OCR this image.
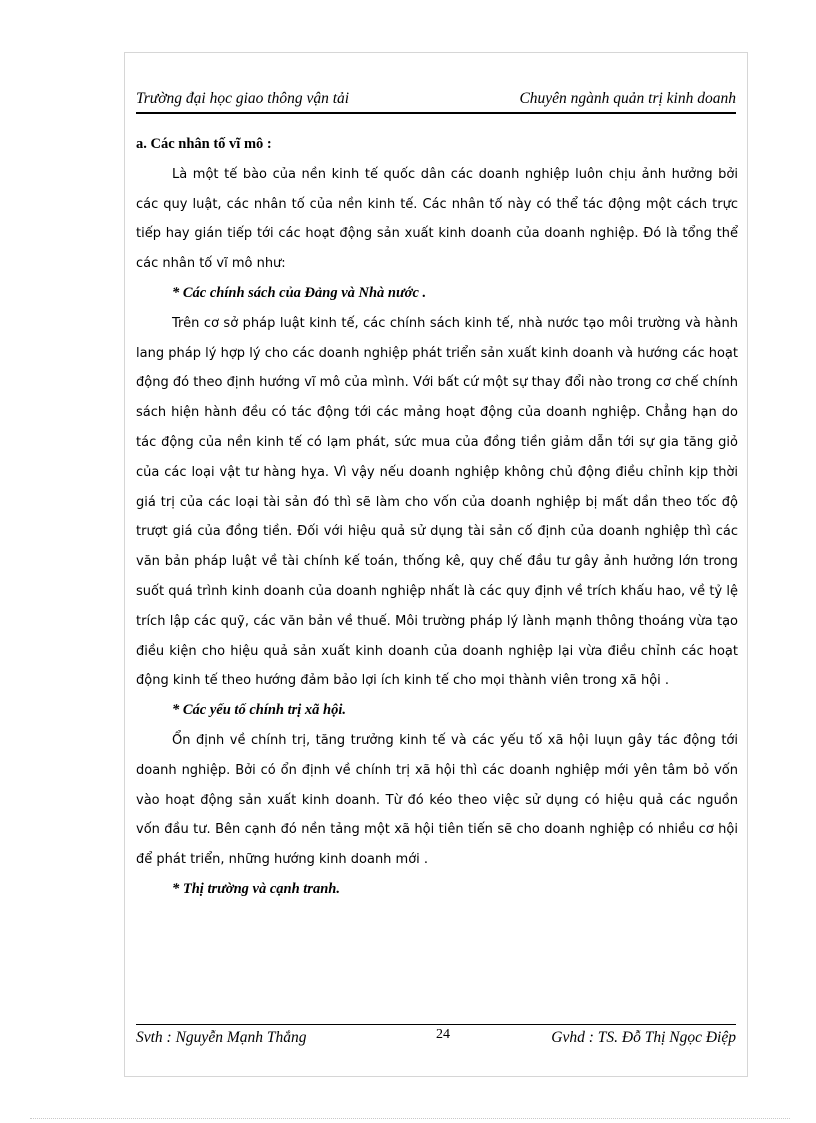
Trường đại học giao thông vận tải	Chuyên ngành quản trị kinh doanh

a. Các nhân tố vĩ mô :

Là một tế bào của nền kinh tế quốc dân các doanh nghiệp luôn chịu ảnh hưởng bởi các quy luật, các nhân tố của nền kinh tế. Các nhân tố này có thể tác động một cách trực tiếp hay gián tiếp tới các hoạt động sản xuất kinh doanh của doanh nghiệp. Đó là tổng thể các nhân tố vĩ mô như:

* Các chính sách của Đảng và Nhà nước .

Trên cơ sở pháp luật kinh tế, các chính sách kinh tế, nhà nước tạo môi trường và hành lang pháp lý hợp lý cho các doanh nghiệp phát triển sản xuất kinh doanh và hướng các hoạt động đó theo định hướng vĩ mô của mình. Với bất cứ một sự thay đổi nào trong cơ chế chính sách hiện hành đều có tác động tới các mảng hoạt động của doanh nghiệp. Chẳng hạn do tác động của nền kinh tế có lạm phát, sức mua của đồng tiền giảm dẫn tới sự gia tăng giỏ của các loại vật tư hàng hỵa. Vì vậy nếu doanh nghiệp không chủ động điều chỉnh kịp thời giá trị của các loại tài sản đó thì sẽ làm cho vốn của doanh nghiệp bị mất dần theo tốc độ trượt giá của đồng tiền. Đối với hiệu quả sử dụng tài sản cố định của doanh nghiệp thì các văn bản pháp luật về tài chính kế toán, thống kê, quy chế đầu tư gây ảnh hưởng lớn trong suốt quá trình kinh doanh của doanh nghiệp nhất là các quy định về trích khấu hao, về tỷ lệ trích lập các quỹ, các văn bản về thuế. Môi trường pháp lý lành mạnh thông thoáng vừa tạo điều kiện cho hiệu quả sản xuất kinh doanh của doanh nghiệp lại vừa điều chỉnh các hoạt động kinh tế theo hướng đảm bảo lợi ích kinh tế cho mọi thành viên trong xã hội .

* Các yếu tố chính trị xã hội.

Ổn định về chính trị, tăng trưởng kinh tế và các yếu tố xã hội luụn gây tác động tới doanh nghiệp. Bởi có ổn định về chính trị xã hội thì các doanh nghiệp mới yên tâm bỏ vốn vào hoạt động sản xuất kinh doanh. Từ đó kéo theo việc sử dụng có hiệu quả các nguồn vốn đầu tư. Bên cạnh đó nền tảng một xã hội tiên tiến sẽ cho doanh nghiệp có nhiều cơ hội để phát triển, những hướng kinh doanh mới .

* Thị trường và cạnh tranh.

Svth : Nguyễn Mạnh Thắng	24	Gvhd : TS. Đỗ Thị Ngọc Điệp
